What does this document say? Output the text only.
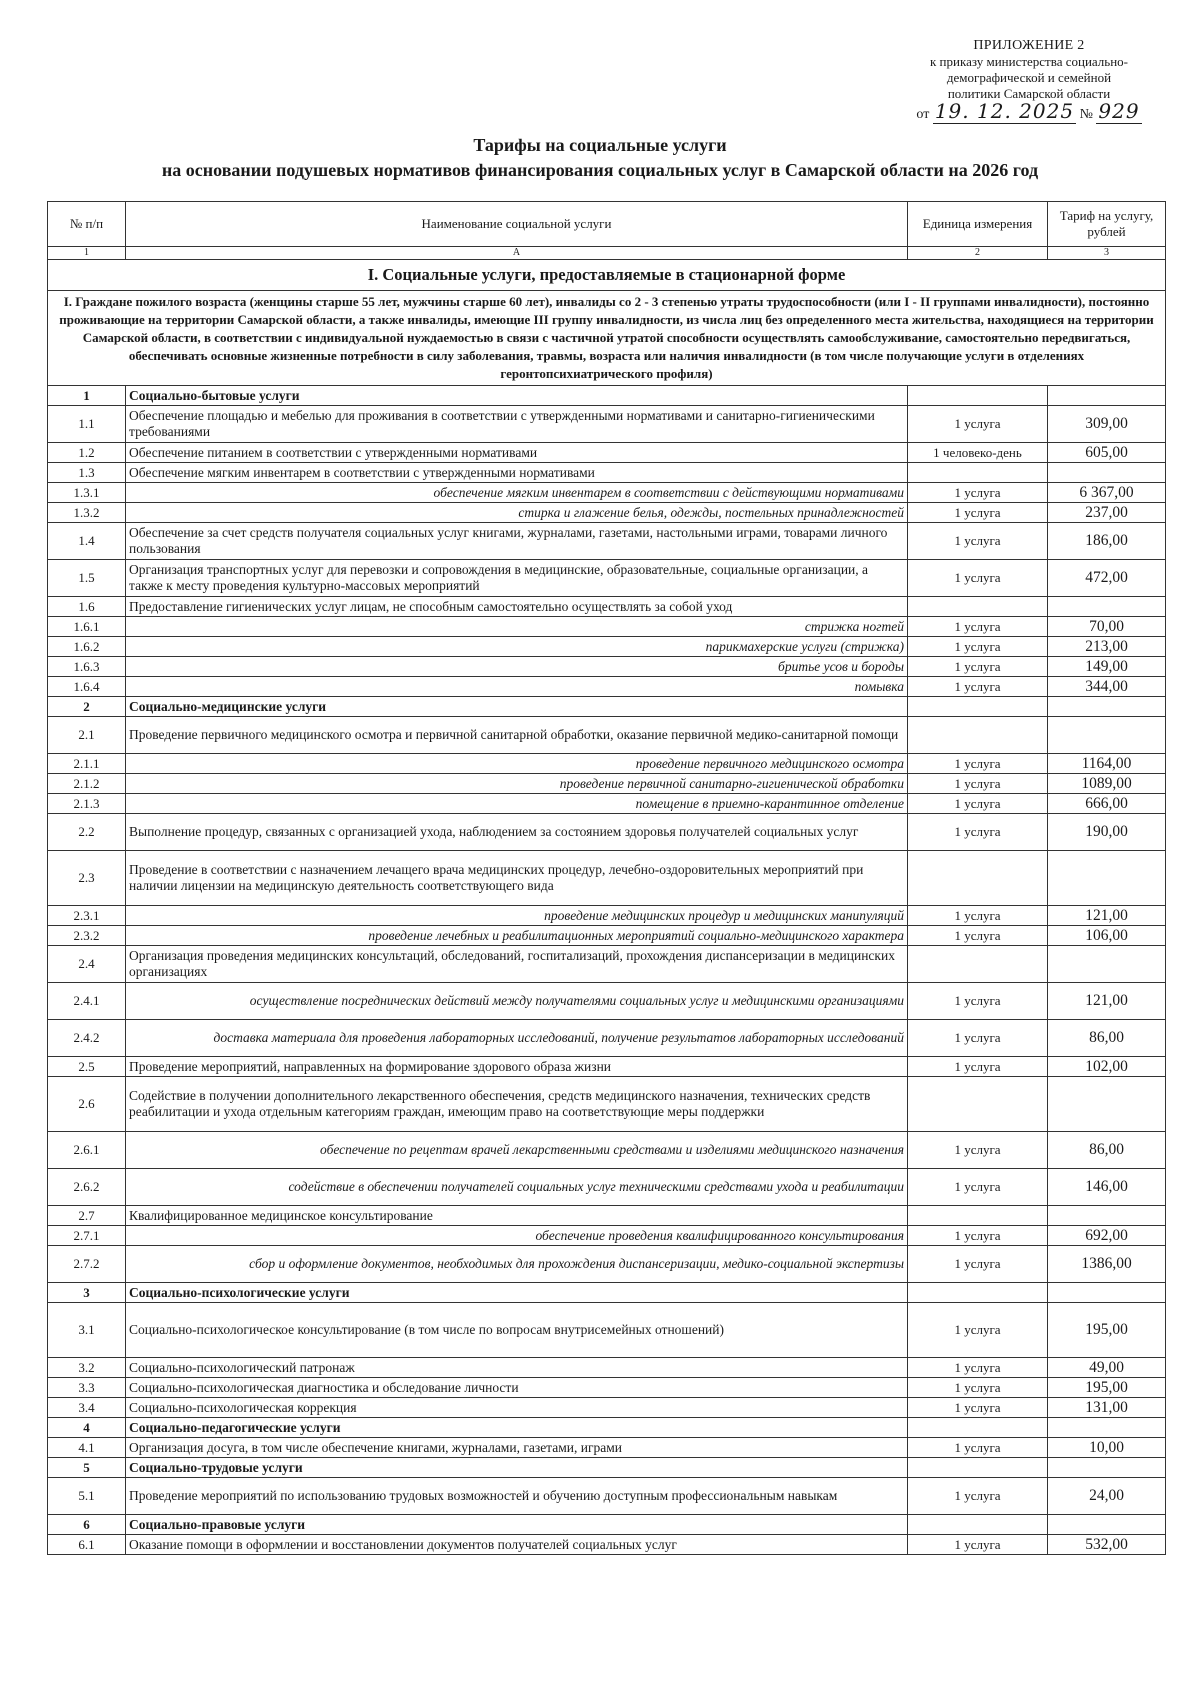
ПРИЛОЖЕНИЕ 2
к приказу министерства социально-
демографической и семейной
политики Самарской области
от 19. 12. 2025 № 929
Тарифы на социальные услуги
на основании подушевых нормативов финансирования социальных услуг в Самарской области на 2026 год
№ п/п	Наименование социальной услуги	Единица измерения	Тариф на услугу, рублей
1	А	2	3
I. Социальные услуги, предоставляемые в стационарной форме			
I. Граждане пожилого возраста (женщины старше 55 лет, мужчины старше 60 лет), инвалиды со 2 - 3 степенью утраты трудоспособности (или I - II группами инвалидности), постоянно проживающие на территории Самарской области, а также инвалиды, имеющие III группу инвалидности, из числа лиц без определенного места жительства, находящиеся на территории Самарской области, в соответствии с индивидуальной нуждаемостью в связи с частичной утратой способности осуществлять самообслуживание, самостоятельно передвигаться, обеспечивать основные жизненные потребности в силу заболевания, травмы, возраста или наличия инвалидности (в том числе получающие услуги в отделениях геронтопсихиатрического профиля)			
1	Социально-бытовые услуги		
1.1	Обеспечение площадью и мебелью для проживания в соответствии с утвержденными нормативами и санитарно-гигиеническими требованиями	1 услуга	309,00
1.2	Обеспечение питанием в соответствии с утвержденными нормативами	1 человеко-день	605,00
1.3	Обеспечение мягким инвентарем в соответствии с утвержденными нормативами		
1.3.1	обеспечение мягким инвентарем в соответствии с действующими нормативами	1 услуга	6 367,00
1.3.2	стирка и глажение белья, одежды, постельных принадлежностей	1 услуга	237,00
1.4	Обеспечение за счет средств получателя социальных услуг книгами, журналами, газетами, настольными играми, товарами личного пользования	1 услуга	186,00
1.5	Организация транспортных услуг для перевозки и сопровождения в медицинские, образовательные, социальные организации, а также к месту проведения культурно-массовых мероприятий	1 услуга	472,00
1.6	Предоставление гигиенических услуг лицам, не способным самостоятельно осуществлять за собой уход		
1.6.1	стрижка ногтей	1 услуга	70,00
1.6.2	парикмахерские услуги (стрижка)	1 услуга	213,00
1.6.3	бритье усов и бороды	1 услуга	149,00
1.6.4	помывка	1 услуга	344,00
2	Социально-медицинские услуги		
2.1	Проведение первичного медицинского осмотра и первичной санитарной обработки, оказание первичной медико-санитарной помощи		
2.1.1	проведение первичного медицинского осмотра	1 услуга	1164,00
2.1.2	проведение первичной санитарно-гигиенической обработки	1 услуга	1089,00
2.1.3	помещение в приемно-карантинное отделение	1 услуга	666,00
2.2	Выполнение процедур, связанных с организацией ухода, наблюдением за состоянием здоровья получателей социальных услуг	1 услуга	190,00
2.3	Проведение в соответствии с назначением лечащего врача медицинских процедур, лечебно-оздоровительных мероприятий при наличии лицензии на медицинскую деятельность соответствующего вида		
2.3.1	проведение медицинских процедур и медицинских манипуляций	1 услуга	121,00
2.3.2	проведение лечебных и реабилитационных мероприятий социально-медицинского характера	1 услуга	106,00
2.4	Организация проведения медицинских консультаций, обследований, госпитализаций, прохождения диспансеризации в медицинских организациях		
2.4.1	осуществление посреднических действий между получателями социальных услуг и медицинскими организациями	1 услуга	121,00
2.4.2	доставка материала для проведения лабораторных исследований, получение результатов лабораторных исследований	1 услуга	86,00
2.5	Проведение мероприятий, направленных на формирование здорового образа жизни	1 услуга	102,00
2.6	Содействие в получении дополнительного лекарственного обеспечения, средств медицинского назначения, технических средств реабилитации и ухода отдельным категориям граждан, имеющим право на соответствующие меры поддержки		
2.6.1	обеспечение по рецептам врачей лекарственными средствами и изделиями медицинского назначения	1 услуга	86,00
2.6.2	содействие в обеспечении получателей социальных услуг техническими средствами ухода и реабилитации	1 услуга	146,00
2.7	Квалифицированное медицинское консультирование		
2.7.1	обеспечение проведения квалифицированного консультирования	1 услуга	692,00
2.7.2	сбор и оформление документов, необходимых для прохождения диспансеризации, медико-социальной экспертизы	1 услуга	1386,00
3	Социально-психологические услуги		
3.1	Социально-психологическое консультирование (в том числе по вопросам внутрисемейных отношений)	1 услуга	195,00
3.2	Социально-психологический патронаж	1 услуга	49,00
3.3	Социально-психологическая диагностика и обследование личности	1 услуга	195,00
3.4	Социально-психологическая коррекция	1 услуга	131,00
4	Социально-педагогические услуги		
4.1	Организация досуга, в том числе обеспечение книгами, журналами, газетами, играми	1 услуга	10,00
5	Социально-трудовые услуги		
5.1	Проведение мероприятий по использованию трудовых возможностей и обучению доступным профессиональным навыкам	1 услуга	24,00
6	Социально-правовые услуги		
6.1	Оказание помощи в оформлении и восстановлении документов получателей социальных услуг	1 услуга	532,00
